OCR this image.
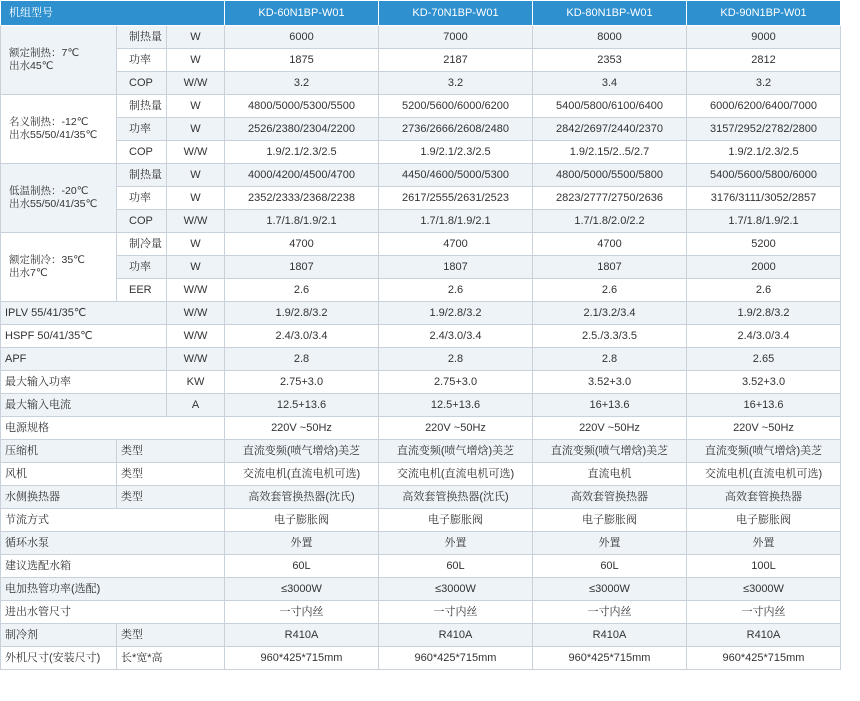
机组型号			KD-60N1BP-W01	KD-70N1BP-W01	KD-80N1BP-W01	KD-90N1BP-W01

额定制热：7℃
出水45℃	制热量	W	6000	7000	8000	9000
	功率	W	1875	2187	2353	2812
	COP	W/W	3.2	3.2	3.4	3.2

名义制热：-12℃
出水55/50/41/35℃	制热量	W	4800/5000/5300/5500	5200/5600/6000/6200	5400/5800/6100/6400	6000/6200/6400/7000
	功率	W	2526/2380/2304/2200	2736/2666/2608/2480	2842/2697/2440/2370	3157/2952/2782/2800
	COP	W/W	1.9/2.1/2.3/2.5	1.9/2.1/2.3/2.5	1.9/2.15/2..5/2.7	1.9/2.1/2.3/2.5

低温制热：-20℃
出水55/50/41/35℃	制热量	W	4000/4200/4500/4700	4450/4600/5000/5300	4800/5000/5500/5800	5400/5600/5800/6000
	功率	W	2352/2333/2368/2238	2617/2555/2631/2523	2823/2777/2750/2636	3176/3111/3052/2857
	COP	W/W	1.7/1.8/1.9/2.1	1.7/1.8/1.9/2.1	1.7/1.8/2.0/2.2	1.7/1.8/1.9/2.1

额定制冷：35℃
出水7℃	制冷量	W	4700	4700	4700	5200
	功率	W	1807	1807	1807	2000
	EER	W/W	2.6	2.6	2.6	2.6
IPLV 55/41/35℃		W/W	1.9/2.8/3.2	1.9/2.8/3.2	2.1/3.2/3.4	1.9/2.8/3.2
HSPF 50/41/35℃		W/W	2.4/3.0/3.4	2.4/3.0/3.4	2.5./3.3/3.5	2.4/3.0/3.4
APF		W/W	2.8	2.8	2.8	2.65
最大输入功率		KW	2.75+3.0	2.75+3.0	3.52+3.0	3.52+3.0
最大输入电流		A	12.5+13.6	12.5+13.6	16+13.6	16+13.6
电源规格			220V ~50Hz	220V ~50Hz	220V ~50Hz	220V ~50Hz
压缩机	类型		直流变频(喷气增焓)美芝	直流变频(喷气增焓)美芝	直流变频(喷气增焓)美芝	直流变频(喷气增焓)美芝
风机	类型		交流电机(直流电机可选)	交流电机(直流电机可选)	直流电机	交流电机(直流电机可选)
水侧换热器	类型		高效套管换热器(沈氏)	高效套管换热器(沈氏)	高效套管换热器	高效套管换热器
节流方式			电子膨胀阀	电子膨胀阀	电子膨胀阀	电子膨胀阀
循环水泵			外置	外置	外置	外置
建议选配水箱			60L	60L	60L	100L
电加热管功率(选配)			≤3000W	≤3000W	≤3000W	≤3000W
进出水管尺寸			一寸内丝	一寸内丝	一寸内丝	一寸内丝
制冷剂	类型		R410A	R410A	R410A	R410A
外机尺寸(安装尺寸)	长*宽*高		960*425*715mm	960*425*715mm	960*425*715mm	960*425*715mm
